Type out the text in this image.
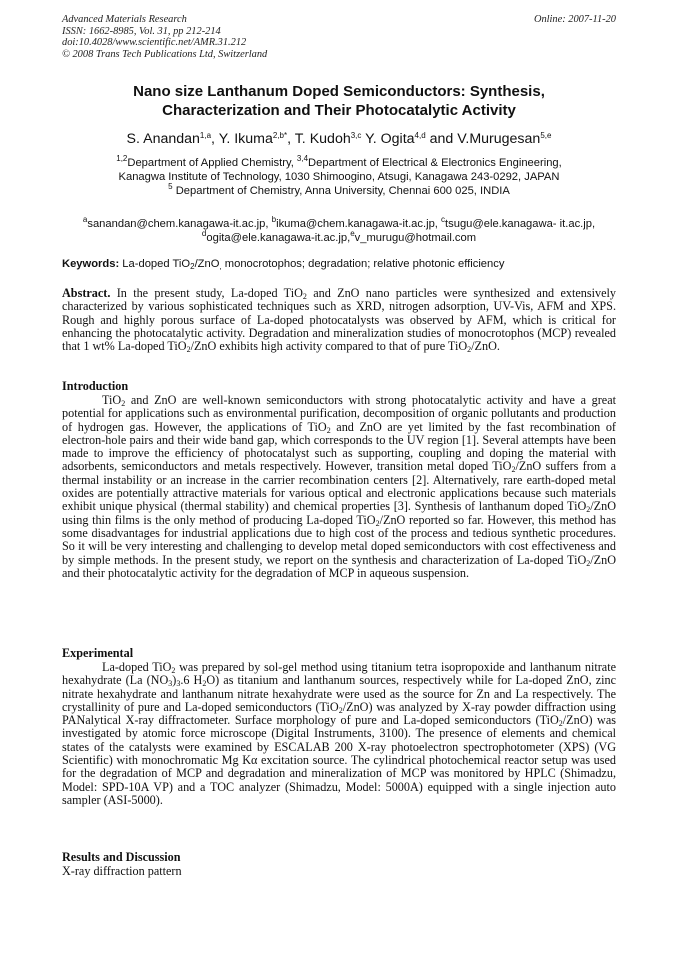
Advanced Materials Research
ISSN: 1662-8985, Vol. 31, pp 212-214
doi:10.4028/www.scientific.net/AMR.31.212
© 2008 Trans Tech Publications Ltd, Switzerland
Online: 2007-11-20
Nano size Lanthanum Doped Semiconductors: Synthesis,
Characterization and Their Photocatalytic Activity
S. Anandan$^{1,a}$, Y. Ikuma$^{2,b*}$, T. Kudoh$^{3,c}$ Y. Ogita$^{4,d}$ and V.Murugesan$^{5,e}$
$^{1,2}$Department of Applied Chemistry, $^{3,4}$Department of Electrical & Electronics Engineering,
Kanagwa Institute of Technology, 1030 Shimoogino, Atsugi, Kanagawa 243-0292, JAPAN
$^5$ Department of Chemistry, Anna University, Chennai 600 025, INDIA
$^a$sanandan@chem.kanagawa-it.ac.jp, $^b$ikuma@chem.kanagawa-it.ac.jp, $^c$tsugu@ele.kanagawa- it.ac.jp, $^d$ogita@ele.kanagawa-it.ac.jp,$^e$v_murugu@hotmail.com
Keywords: La-doped TiO$_2$/ZnO$_,$ monocrotophos; degradation; relative photonic efficiency

Abstract. In the present study, La-doped TiO$_2$ and ZnO nano particles were synthesized and extensively characterized by various sophisticated techniques such as XRD, nitrogen adsorption, UV-Vis, AFM and XPS. Rough and highly porous surface of La-doped photocatalysts was observed by AFM, which is critical for enhancing the photocatalytic activity. Degradation and mineralization studies of monocrotophos (MCP) revealed that 1 wt% La-doped TiO$_2$/ZnO exhibits high activity compared to that of pure TiO$_2$/ZnO.

Introduction

TiO$_2$ and ZnO are well-known semiconductors with strong photocatalytic activity and have a great potential for applications such as environmental purification, decomposition of organic pollutants and production of hydrogen gas. However, the applications of TiO$_2$ and ZnO are yet limited by the fast recombination of electron-hole pairs and their wide band gap, which corresponds to the UV region [1]. Several attempts have been made to improve the efficiency of photocatalyst such as supporting, coupling and doping the material with adsorbents, semiconductors and metals respectively. However, transition metal doped TiO$_2$/ZnO suffers from a thermal instability or an increase in the carrier recombination centers [2]. Alternatively, rare earth-doped metal oxides are potentially attractive materials for various optical and electronic applications because such materials exhibit unique physical (thermal stability) and chemical properties [3]. Synthesis of lanthanum doped TiO$_2$/ZnO using thin films is the only method of producing La-doped TiO$_2$/ZnO reported so far. However, this method has some disadvantages for industrial applications due to high cost of the process and tedious synthetic procedures. So it will be very interesting and challenging to develop metal doped semiconductors with cost effectiveness and by simple methods. In the present study, we report on the synthesis and characterization of La-doped TiO$_2$/ZnO and their photocatalytic activity for the degradation of MCP in aqueous suspension.

Experimental

La-doped TiO$_2$ was prepared by sol-gel method using titanium tetra isopropoxide and lanthanum nitrate hexahydrate (La $(NO_3)_3.6$ $H_2O$) as titanium and lanthanum sources, respectively while for La-doped ZnO, zinc nitrate hexahydrate and lanthanum nitrate hexahydrate were used as the source for Zn and La respectively. The crystallinity of pure and La-doped semiconductors (TiO$_2$/ZnO) was analyzed by X-ray powder diffraction using PANalytical X-ray diffractometer. Surface morphology of pure and La-doped semiconductors (TiO$_2$/ZnO) was investigated by atomic force microscope (Digital Instruments, 3100). The presence of elements and chemical states of the catalysts were examined by ESCALAB 200 X-ray photoelectron spectrophotometer (XPS) (VG Scientific) with monochromatic Mg Kα excitation source. The cylindrical photochemical reactor setup was used for the degradation of MCP and degradation and mineralization of MCP was monitored by HPLC (Shimadzu, Model: SPD-10A VP) and a TOC analyzer (Shimadzu, Model: 5000A) equipped with a single injection auto sampler (ASI-5000).

Results and Discussion
X-ray diffraction pattern
